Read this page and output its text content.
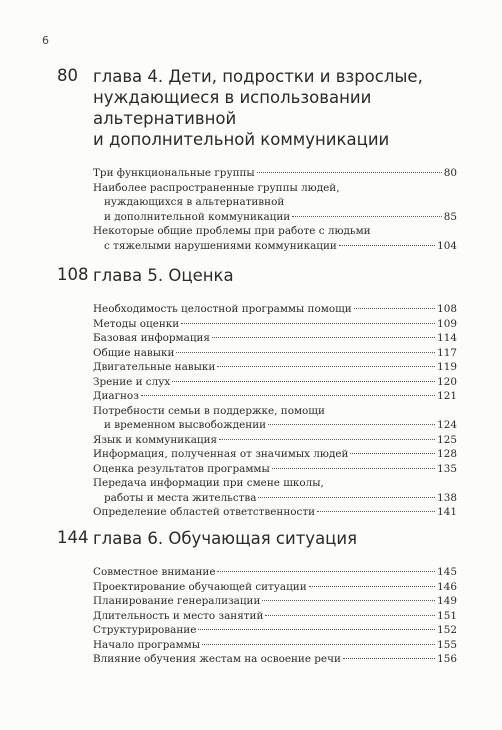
6
80 глава 4. Дети, подростки и взрослые,
нуждающиеся в использовании
альтернативной
и дополнительной коммуникации
Три функциональные группы	80
Наиболее распространенные группы людей,
нуждающихся в альтернативной
и дополнительной коммуникации	85
Некоторые общие проблемы при работе с людьми
с тяжелыми нарушениями коммуникации	104
108 глава 5. Оценка
Необходимость целостной программы помощи	108
Методы оценки	109
Базовая информация	114
Общие навыки	117
Двигательные навыки	119
Зрение и слух	120
Диагноз	121
Потребности семьи в поддержке, помощи
и временном высвобождении	124
Язык и коммуникация	125
Информация, полученная от значимых людей	128
Оценка результатов программы	135
Передача информации при смене школы,
работы и места жительства	138
Определение областей ответственности	141
144 глава 6. Обучающая ситуация
Совместное внимание	145
Проектирование обучающей ситуации	146
Планирование генерализации	149
Длительность и место занятий	151
Структурирование	152
Начало программы	155
Влияние обучения жестам на освоение речи	156
